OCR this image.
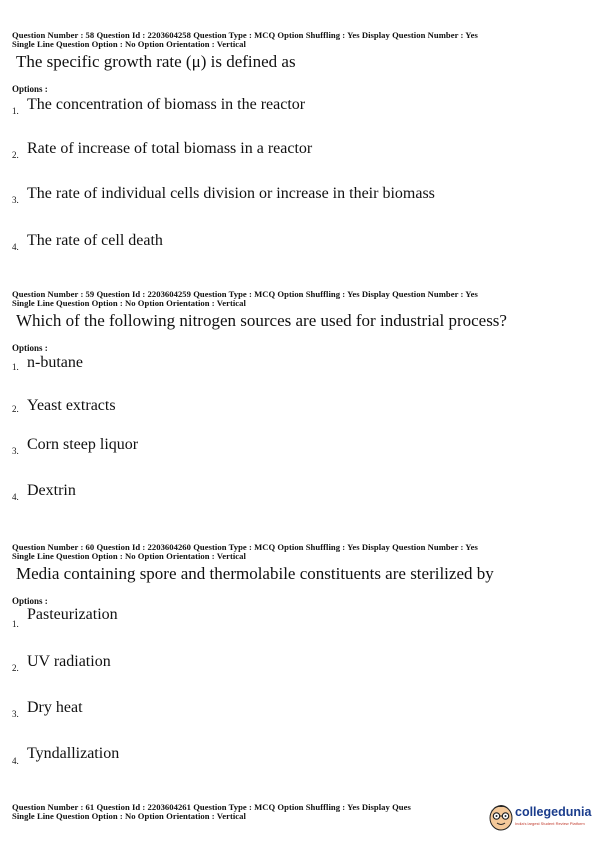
Question Number : 58 Question Id : 2203604258 Question Type : MCQ Option Shuffling : Yes Display Question Number : Yes

Single Line Question Option : No Option Orientation : Vertical

The specific growth rate (μ) is defined as

Options :

1. The concentration of biomass in the reactor
2. Rate of increase of total biomass in a reactor
3. The rate of individual cells division or increase in their biomass
4. The rate of cell death

Question Number : 59 Question Id : 2203604259 Question Type : MCQ Option Shuffling : Yes Display Question Number : Yes

Single Line Question Option : No Option Orientation : Vertical

Which of the following nitrogen sources are used for industrial process?

Options :

1. n-butane
2. Yeast extracts
3. Corn steep liquor
4. Dextrin

Question Number : 60 Question Id : 2203604260 Question Type : MCQ Option Shuffling : Yes Display Question Number : Yes

Single Line Question Option : No Option Orientation : Vertical

Media containing spore and thermolabile constituents are sterilized by

Options :

1.
Pasteurization
2. UV radiation
3. Dry heat
4. Tyndallization

Question Number : 61 Question Id : 2203604261 Question Type : MCQ Option Shuffling : Yes Display Ques

Single Line Question Option : No Option Orientation : Vertical	collegedunia
India's largest Student Review Platform
